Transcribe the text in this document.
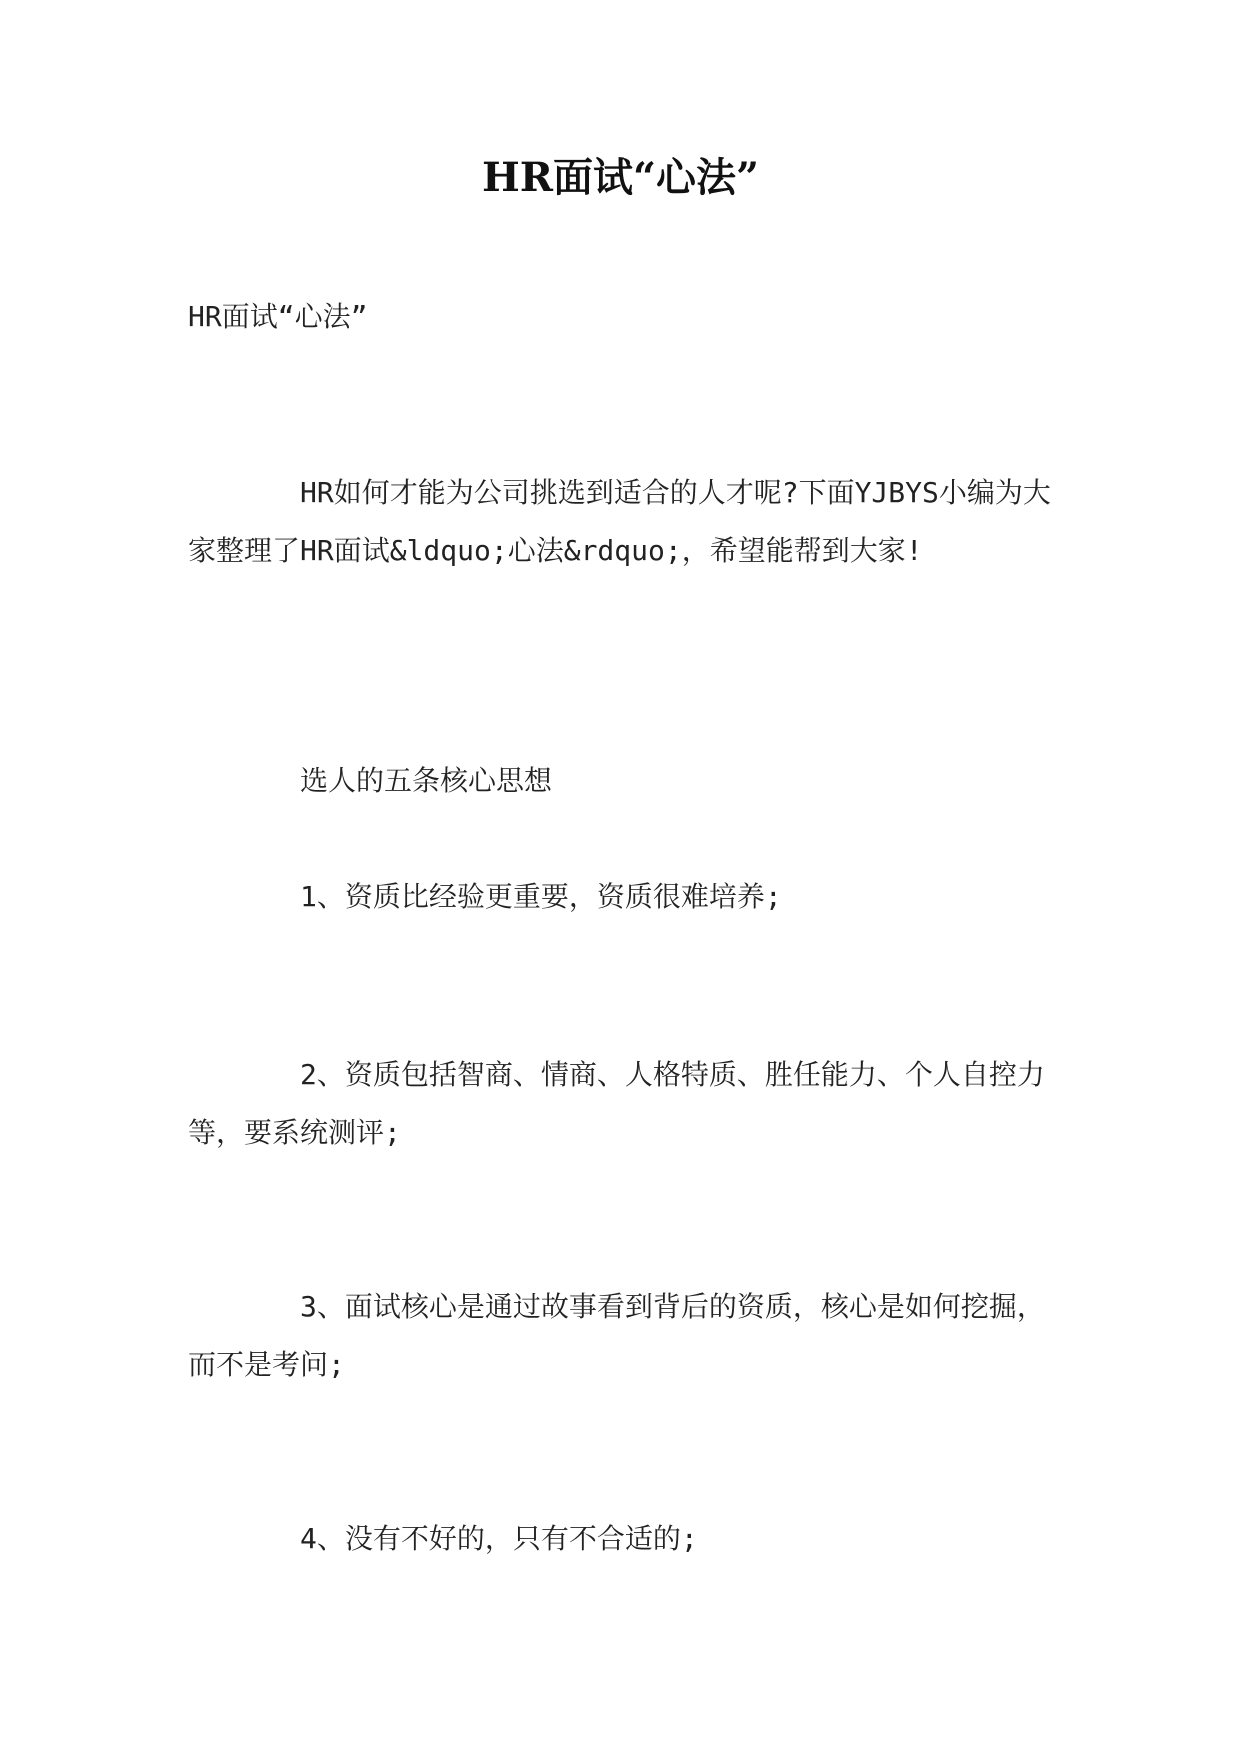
HR面试“心法”

HR面试“心法”

HR如何才能为公司挑选到适合的人才呢?下面YJBYS小编为大家整理了HR面试&ldquo;心法&rdquo;，希望能帮到大家!

选人的五条核心思想

1、资质比经验更重要，资质很难培养;

2、资质包括智商、情商、人格特质、胜任能力、个人自控力等，要系统测评;

3、面试核心是通过故事看到背后的资质，核心是如何挖掘，而不是考问;

4、没有不好的，只有不合适的;
